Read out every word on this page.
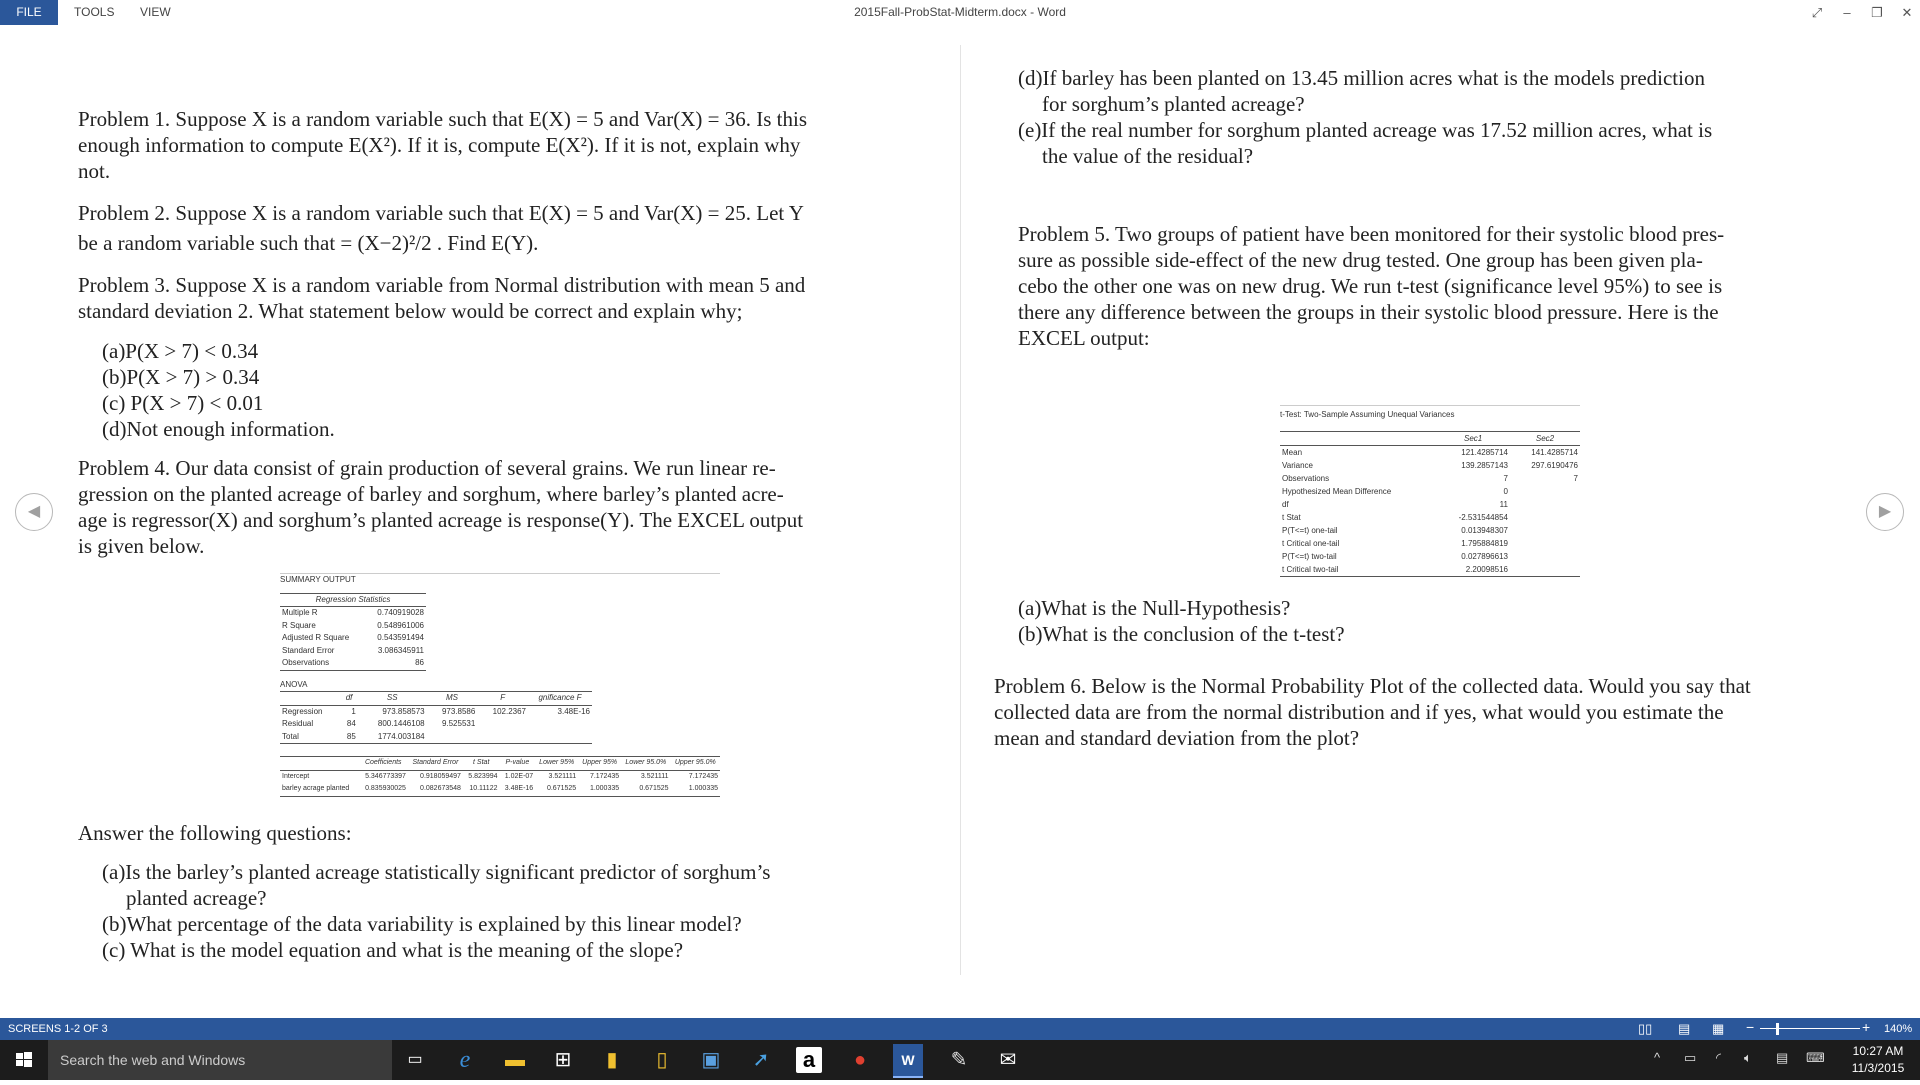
FILE	TOOLS VIEW	2015Fall-ProbStat-Midterm.docx - Word	⤢	–	❐	✕
Problem 1. Suppose X is a random variable such that E(X) = 5 and Var(X) = 36. Is this
enough information to compute E(X²). If it is, compute E(X²). If it is not, explain why
not.
Problem 2. Suppose X is a random variable such that E(X) = 5 and Var(X) = 25. Let Y
be a random variable such that = (X−2)²/2 . Find E(Y).
Problem 3. Suppose X is a random variable from Normal distribution with mean 5 and
standard deviation 2. What statement below would be correct and explain why;
(a)P(X > 7) < 0.34
(b)P(X > 7) > 0.34
(c) P(X > 7) < 0.01
(d)Not enough information.
Problem 4. Our data consist of grain production of several grains. We run linear re-
gression on the planted acreage of barley and sorghum, where barley’s planted acre-
age is regressor(X) and sorghum’s planted acreage is response(Y). The EXCEL output
is given below.
Answer the following questions:
(a)Is the barley’s planted acreage statistically significant predictor of sorghum’s
planted acreage?
(b)What percentage of the data variability is explained by this linear model?
(c) What is the model equation and what is the meaning of the slope?
SUMMARY OUTPUT
Regression Statistics	
Multiple R	0.740919028
R Square	0.548961006
Adjusted R Square	0.543591494
Standard Error	3.086345911
Observations	86
ANOVA
	df	SS	MS	F	gnificance F
Regression	1	973.858573	973.8586	102.2367	3.48E-16
Residual	84	800.1446108	9.525531		
Total	85	1774.003184			
	Coefficients	Standard Error	t Stat	P-value	Lower 95%	Upper 95%	Lower 95.0%	Upper 95.0%
Intercept	5.346773397	0.918059497	5.823994	1.02E-07	3.521111	7.172435	3.521111	7.172435
barley acrage planted	0.835930025	0.082673548	10.11122	3.48E-16	0.671525	1.000335	0.671525	1.000335
(d)If barley has been planted on 13.45 million acres what is the models prediction
for sorghum’s planted acreage?
(e)If the real number for sorghum planted acreage was 17.52 million acres, what is
the value of the residual?
Problem 5. Two groups of patient have been monitored for their systolic blood pres-
sure as possible side-effect of the new drug tested. One group has been given pla-
cebo the other one was on new drug. We run t-test (significance level 95%) to see is
there any difference between the groups in their systolic blood pressure. Here is the
EXCEL output:
(a)What is the Null-Hypothesis?
(b)What is the conclusion of the t-test?
Problem 6. Below is the Normal Probability Plot of the collected data. Would you say that
collected data are from the normal distribution and if yes, what would you estimate the
mean and standard deviation from the plot?
t-Test: Two-Sample Assuming Unequal Variances
	Sec1	Sec2
Mean	121.4285714	141.4285714
Variance	139.2857143	297.6190476
Observations	7	7
Hypothesized Mean Difference	0	
df	11	
t Stat	-2.531544854	
P(T<=t) one-tail	0.013948307	
t Critical one-tail	1.795884819	
P(T<=t) two-tail	0.027896613	
t Critical two-tail	2.20098516	
◀	▶
SCREENS 1-2 OF 3	▯▯ ▤ ▦ −	+ 140%
Search the web and Windows	▭	e	▬	⊞	▮	▯	▣	➚	a	●	W	✎	✉	^ ▭ ◜ 🔈︎ ▤ ⌨	10:27 AM
11/3/2015
